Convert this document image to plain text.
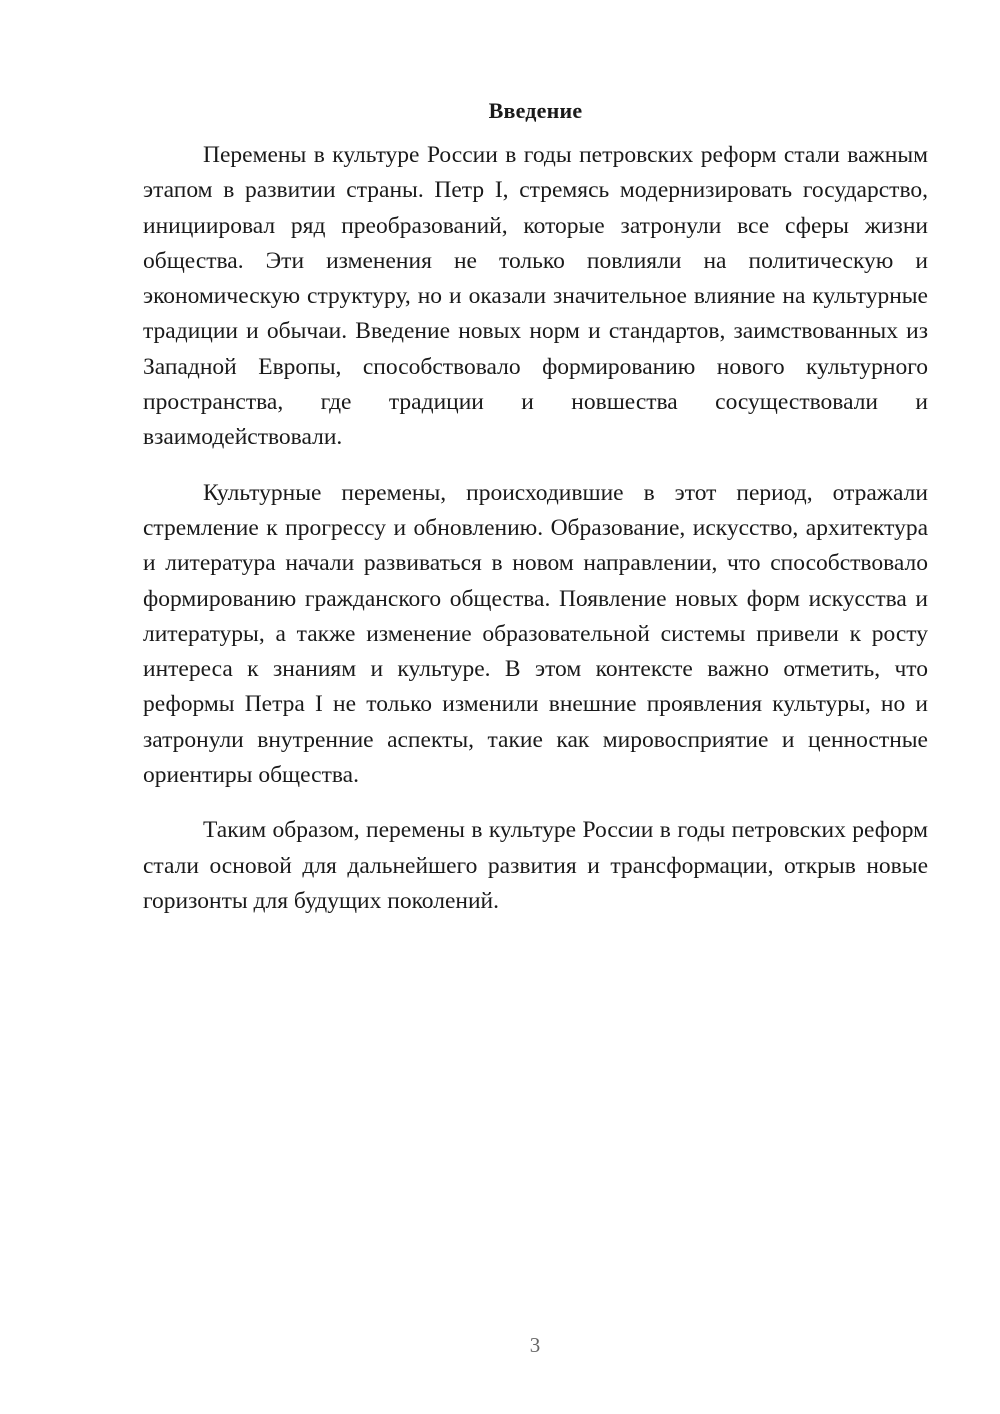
Введение

Перемены в культуре России в годы петровских реформ стали важным этапом в развитии страны. Петр I, стремясь модернизировать государство, инициировал ряд преобразований, которые затронули все сферы жизни общества. Эти изменения не только повлияли на политическую и экономическую структуру, но и оказали значительное влияние на культурные традиции и обычаи. Введение новых норм и стандартов, заимствованных из Западной Европы, способствовало формированию нового культурного пространства, где традиции и новшества сосуществовали и взаимодействовали.

Культурные перемены, происходившие в этот период, отражали стремление к прогрессу и обновлению. Образование, искусство, архитектура и литература начали развиваться в новом направлении, что способствовало формированию гражданского общества. Появление новых форм искусства и литературы, а также изменение образовательной системы привели к росту интереса к знаниям и культуре. В этом контексте важно отметить, что реформы Петра I не только изменили внешние проявления культуры, но и затронули внутренние аспекты, такие как мировосприятие и ценностные ориентиры общества.

Таким образом, перемены в культуре России в годы петровских реформ стали основой для дальнейшего развития и трансформации, открыв новые горизонты для будущих поколений.

3
